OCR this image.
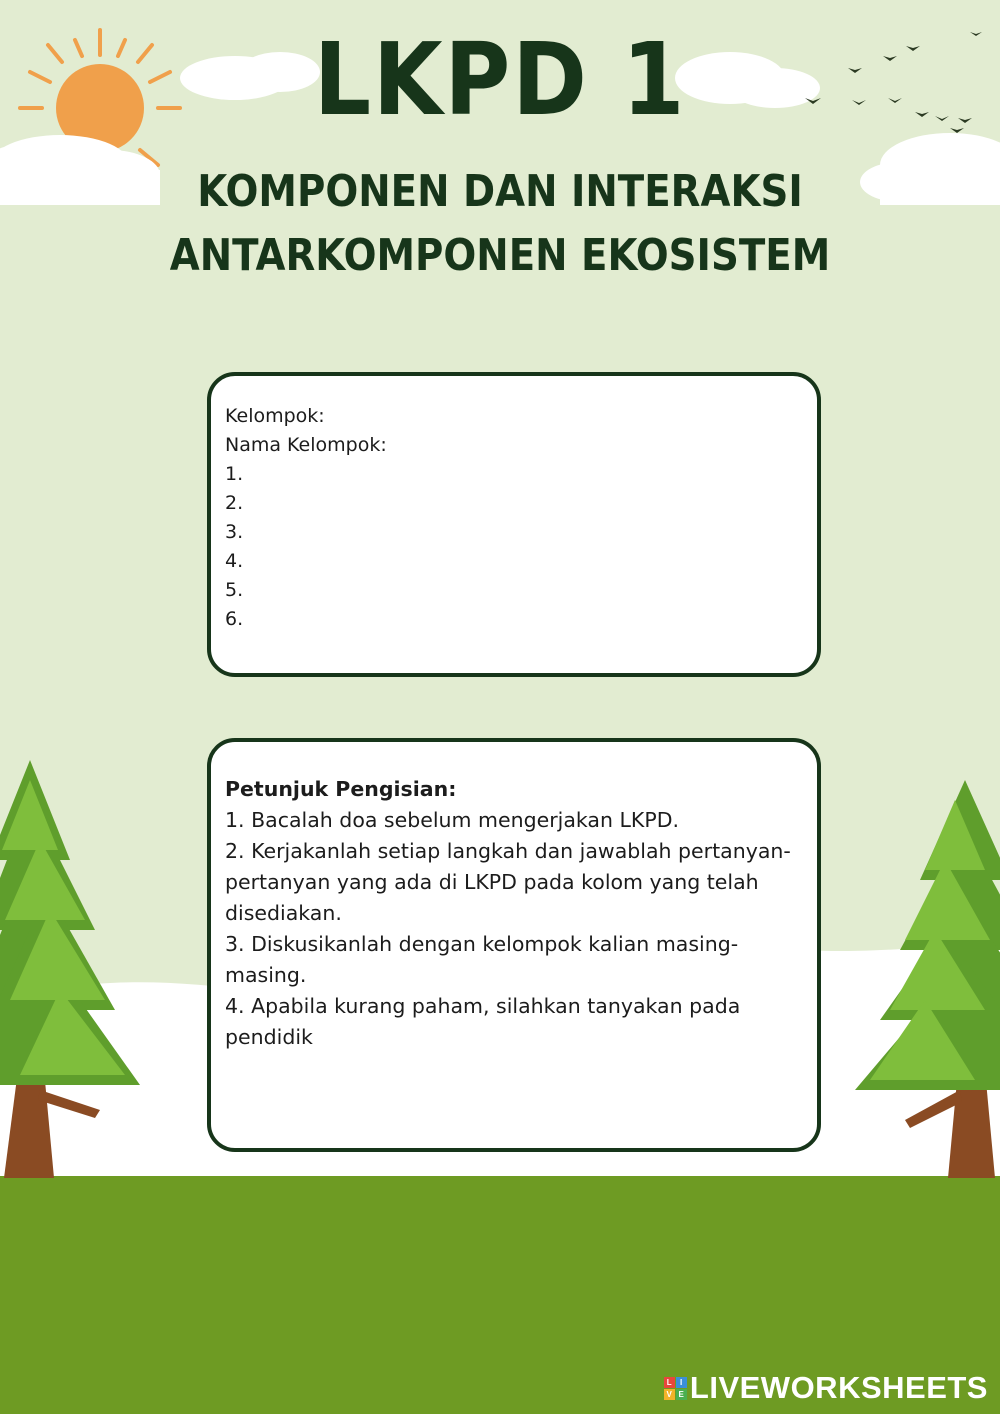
LKPD 1
KOMPONEN DAN INTERAKSI
ANTARKOMPONEN EKOSISTEM
Kelompok:
Nama Kelompok:
1.
2.
3.
4.
5.
6.
Petunjuk Pengisian:
1. Bacalah doa sebelum mengerjakan LKPD.
2. Kerjakanlah setiap langkah dan jawablah pertanyan-pertanyan yang ada di LKPD pada kolom yang telah disediakan.
3. Diskusikanlah dengan kelompok kalian masing-masing.
4. Apabila kurang paham, silahkan tanyakan pada pendidik
L I
V E LIVEWORKSHEETS
